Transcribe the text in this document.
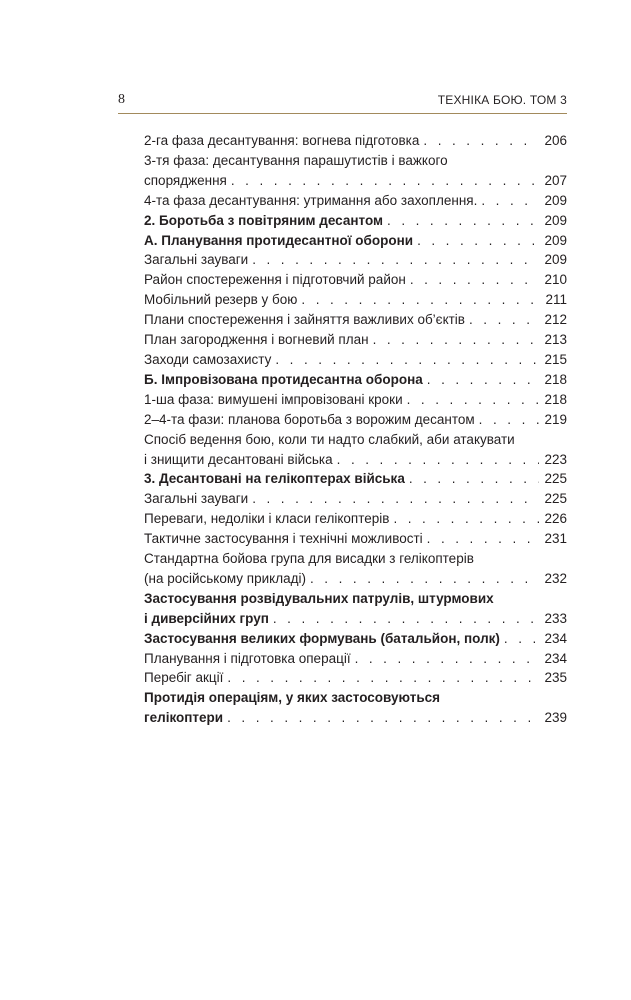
8	ТЕХНІКА БОЮ. ТОМ 3
2-га фаза десантування: вогнева підготовка . . .	206
3-тя фаза: десантування парашутистів і важкого
спорядження . . .	207
4-та фаза десантування: утримання або захоплення. . . .	209
2. Боротьба з повітряним десантом . . .	209
А. Планування протидесантної оборони . . .	209
Загальні зауваги . . .	209
Район спостереження і підготовчий район . . .	210
Мобільний резерв у бою . . .	211
Плани спостереження і зайняття важливих об’єктів . . .	212
План загородження і вогневий план . . .	213
Заходи самозахисту . . .	215
Б. Імпровізована протидесантна оборона . . .	218
1-ша фаза: вимушені імпровізовані кроки . . .	218
2–4-та фази: планова боротьба з ворожим десантом . . .	219
Спосіб ведення бою, коли ти надто слабкий, аби атакувати
і знищити десантовані війська . . .	223
3. Десантовані на гелікоптерах війська . . .	225
Загальні зауваги . . .	225
Переваги, недоліки і класи гелікоптерів . . .	226
Тактичне застосування і технічні можливості . . .	231
Стандартна бойова група для висадки з гелікоптерів
(на російському прикладі) . . .	232
Застосування розвідувальних патрулів, штурмових
і диверсійних груп . . .	233
Застосування великих формувань (батальйон, полк) . . .	234
Планування і підготовка операції . . .	234
Перебіг акції . . .	235
Протидія операціям, у яких застосовуються
гелікоптери . . .	239
